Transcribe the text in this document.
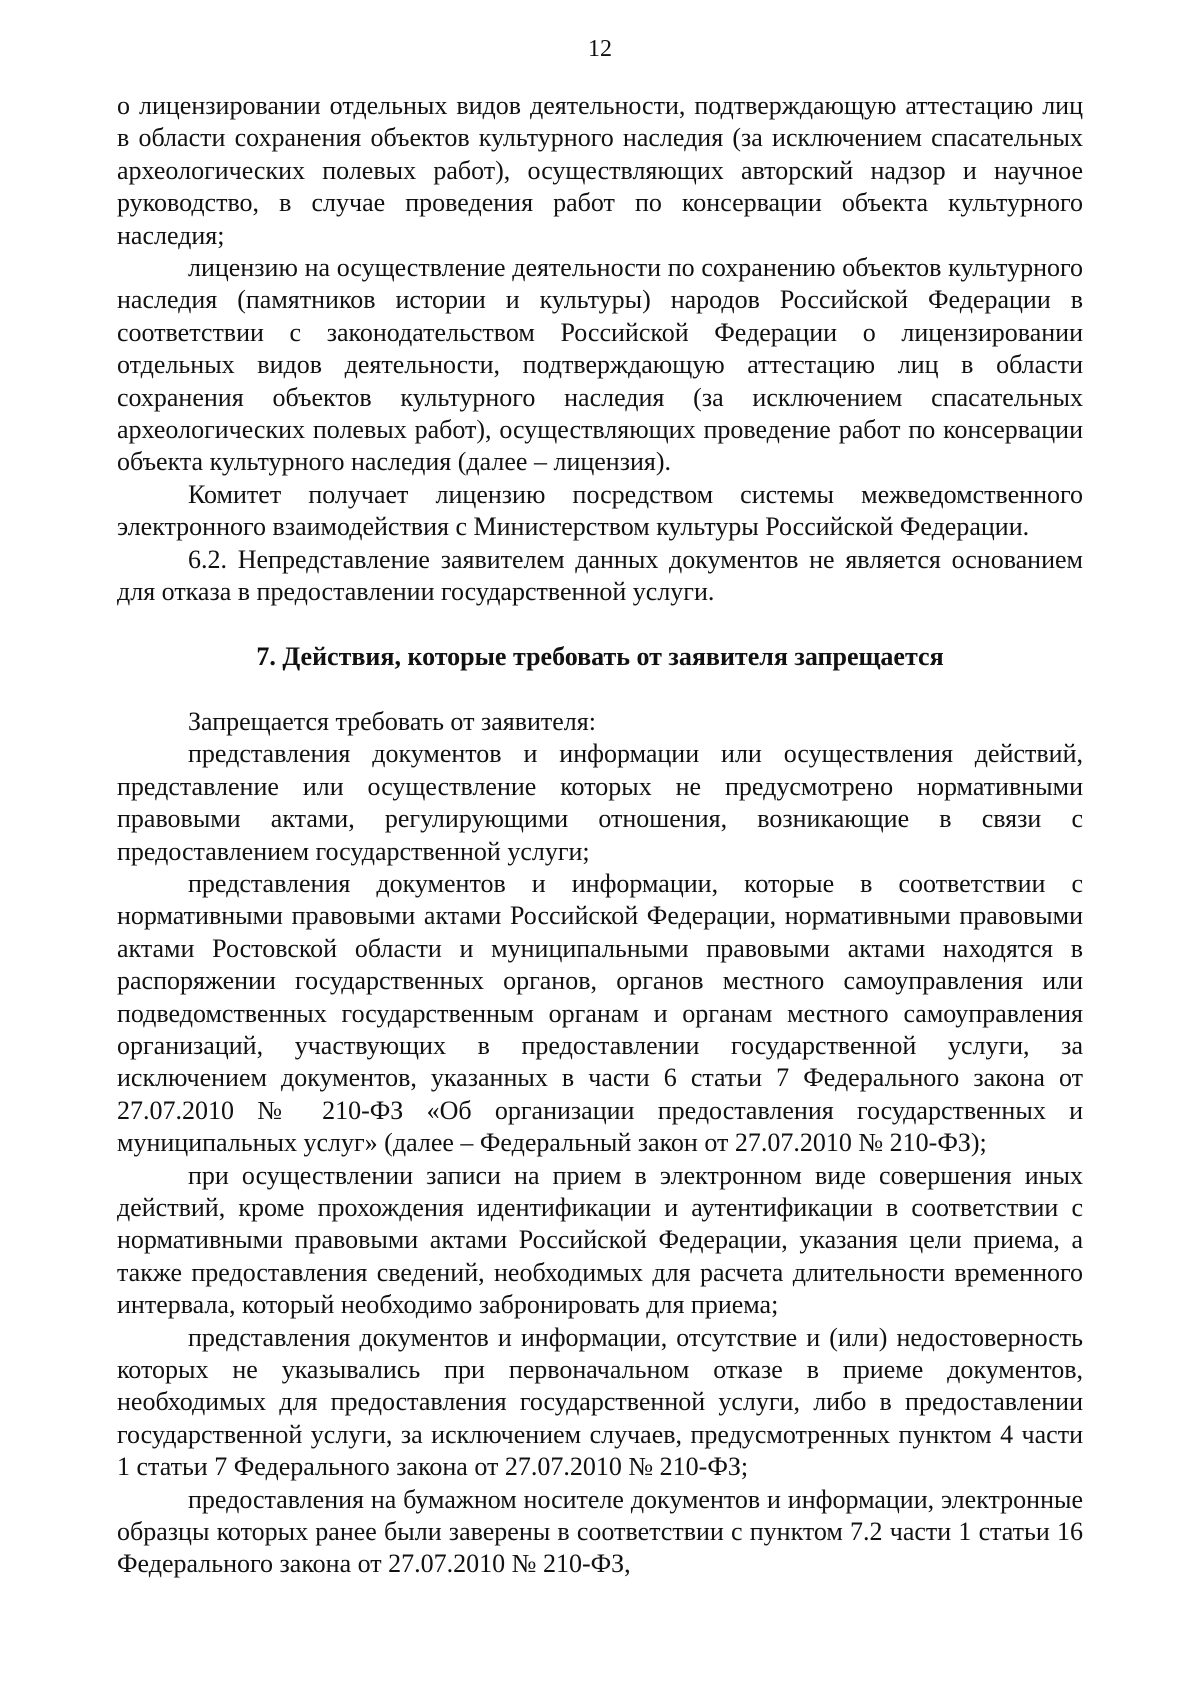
12

о лицензировании отдельных видов деятельности, подтверждающую аттестацию лиц в области сохранения объектов культурного наследия (за исключением спасательных археологических полевых работ), осуществляющих авторский надзор и научное руководство, в случае проведения работ по консервации объекта культурного наследия;

лицензию на осуществление деятельности по сохранению объектов культурного наследия (памятников истории и культуры) народов Российской Федерации в соответствии с законодательством Российской Федерации о лицензировании отдельных видов деятельности, подтверждающую аттестацию лиц в области сохранения объектов культурного наследия (за исключением спасательных археологических полевых работ), осуществляющих проведение работ по консервации объекта культурного наследия (далее – лицензия).

Комитет получает лицензию посредством системы межведомственного электронного взаимодействия с Министерством культуры Российской Федерации.

6.2. Непредставление заявителем данных документов не является основанием для отказа в предоставлении государственной услуги.

7. Действия, которые требовать от заявителя запрещается

Запрещается требовать от заявителя:

представления документов и информации или осуществления действий, представление или осуществление которых не предусмотрено нормативными правовыми актами, регулирующими отношения, возникающие в связи с предоставлением государственной услуги;

представления документов и информации, которые в соответствии с нормативными правовыми актами Российской Федерации, нормативными правовыми актами Ростовской области и муниципальными правовыми актами находятся в распоряжении государственных органов, органов местного самоуправления или подведомственных государственным органам и органам местного самоуправления организаций, участвующих в предоставлении государственной услуги, за исключением документов, указанных в части 6 статьи 7 Федерального закона от 27.07.2010 № 210-ФЗ «Об организации предоставления государственных и муниципальных услуг» (далее – Федеральный закон от 27.07.2010 № 210-ФЗ);

при осуществлении записи на прием в электронном виде совершения иных действий, кроме прохождения идентификации и аутентификации в соответствии с нормативными правовыми актами Российской Федерации, указания цели приема, а также предоставления сведений, необходимых для расчета длительности временного интервала, который необходимо забронировать для приема;

представления документов и информации, отсутствие и (или) недостоверность которых не указывались при первоначальном отказе в приеме документов, необходимых для предоставления государственной услуги, либо в предоставлении государственной услуги, за исключением случаев, предусмотренных пунктом 4 части 1 статьи 7 Федерального закона от 27.07.2010 № 210-ФЗ;

предоставления на бумажном носителе документов и информации, электронные образцы которых ранее были заверены в соответствии с пунктом 7.2 части 1 статьи 16 Федерального закона от 27.07.2010 № 210-ФЗ,
